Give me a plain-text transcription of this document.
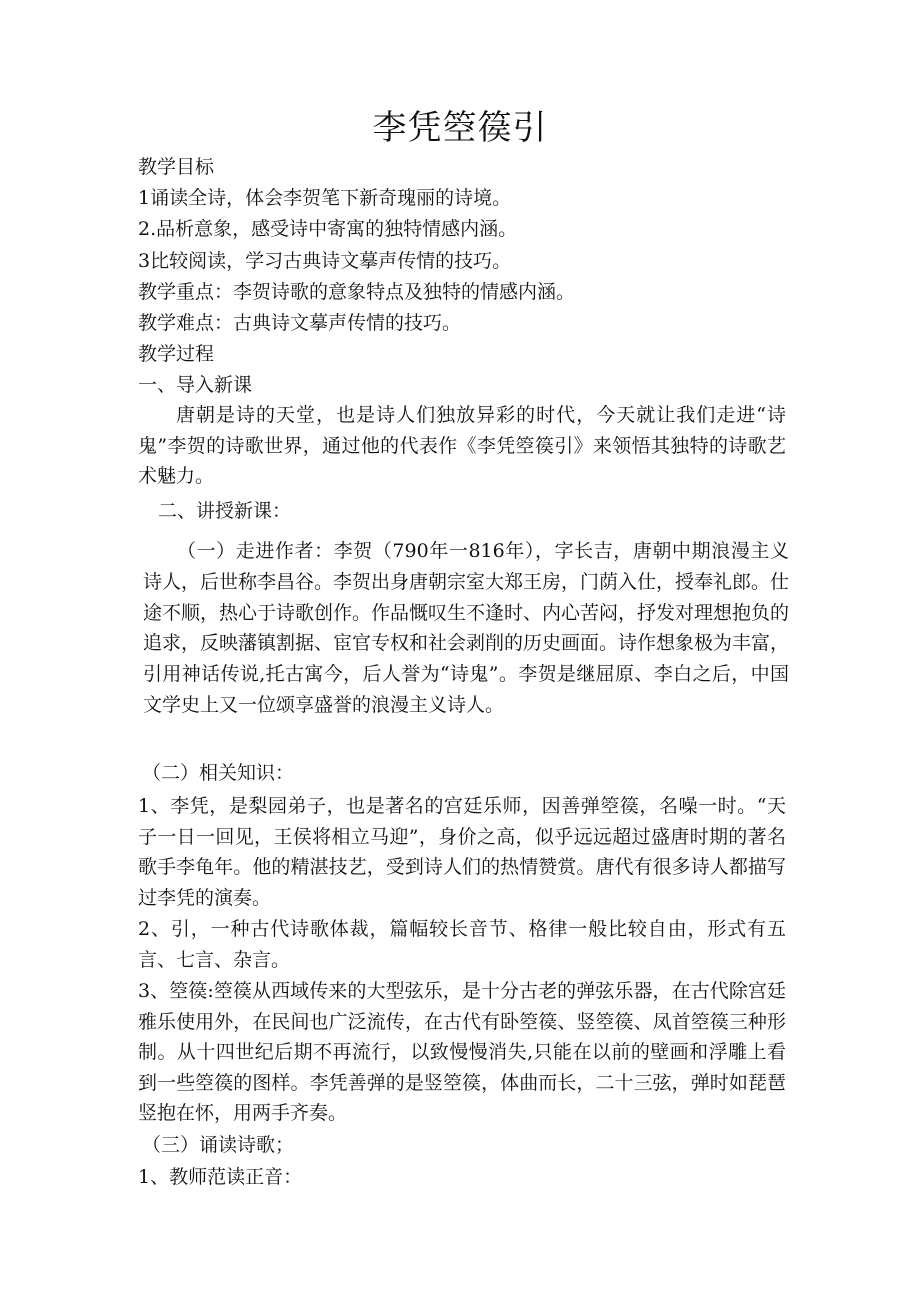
李凭箜篌引

教学目标

1诵读全诗，体会李贺笔下新奇瑰丽的诗境。

2.品析意象，感受诗中寄寓的独特情感内涵。

3比较阅读，学习古典诗文摹声传情的技巧。

教学重点：李贺诗歌的意象特点及独特的情感内涵。

教学难点：古典诗文摹声传情的技巧。

教学过程

一、导入新课

唐朝是诗的天堂，也是诗人们独放异彩的时代，今天就让我们走进“诗鬼”李贺的诗歌世界，通过他的代表作《李凭箜篌引》来领悟其独特的诗歌艺术魅力。

二、讲授新课：

（一）走进作者：李贺（790年一816年），字长吉，唐朝中期浪漫主义诗人，后世称李昌谷。李贺出身唐朝宗室大郑王房，门荫入仕，授奉礼郎。仕途不顺，热心于诗歌创作。作品慨叹生不逢时、内心苦闷，抒发对理想抱负的追求，反映藩镇割据、宦官专权和社会剥削的历史画面。诗作想象极为丰富，引用神话传说,托古寓今，后人誉为“诗鬼”。李贺是继屈原、李白之后，中国文学史上又一位颂享盛誉的浪漫主义诗人。

（二）相关知识：

1、李凭，是梨园弟子，也是著名的宫廷乐师，因善弹箜篌，名噪一时。“天子一日一回见，王侯将相立马迎”，身价之高，似乎远远超过盛唐时期的著名歌手李龟年。他的精湛技艺，受到诗人们的热情赞赏。唐代有很多诗人都描写过李凭的演奏。

2、引，一种古代诗歌体裁，篇幅较长音节、格律一般比较自由，形式有五言、七言、杂言。

3、箜篌:箜篌从西域传来的大型弦乐，是十分古老的弹弦乐器，在古代除宫廷雅乐使用外，在民间也广泛流传，在古代有卧箜篌、竖箜篌、凤首箜篌三种形制。从十四世纪后期不再流行，以致慢慢消失,只能在以前的壁画和浮雕上看到一些箜篌的图样。李凭善弹的是竖箜篌，体曲而长，二十三弦，弹时如琵琶竖抱在怀，用两手齐奏。

（三）诵读诗歌；

1、教师范读正音：
